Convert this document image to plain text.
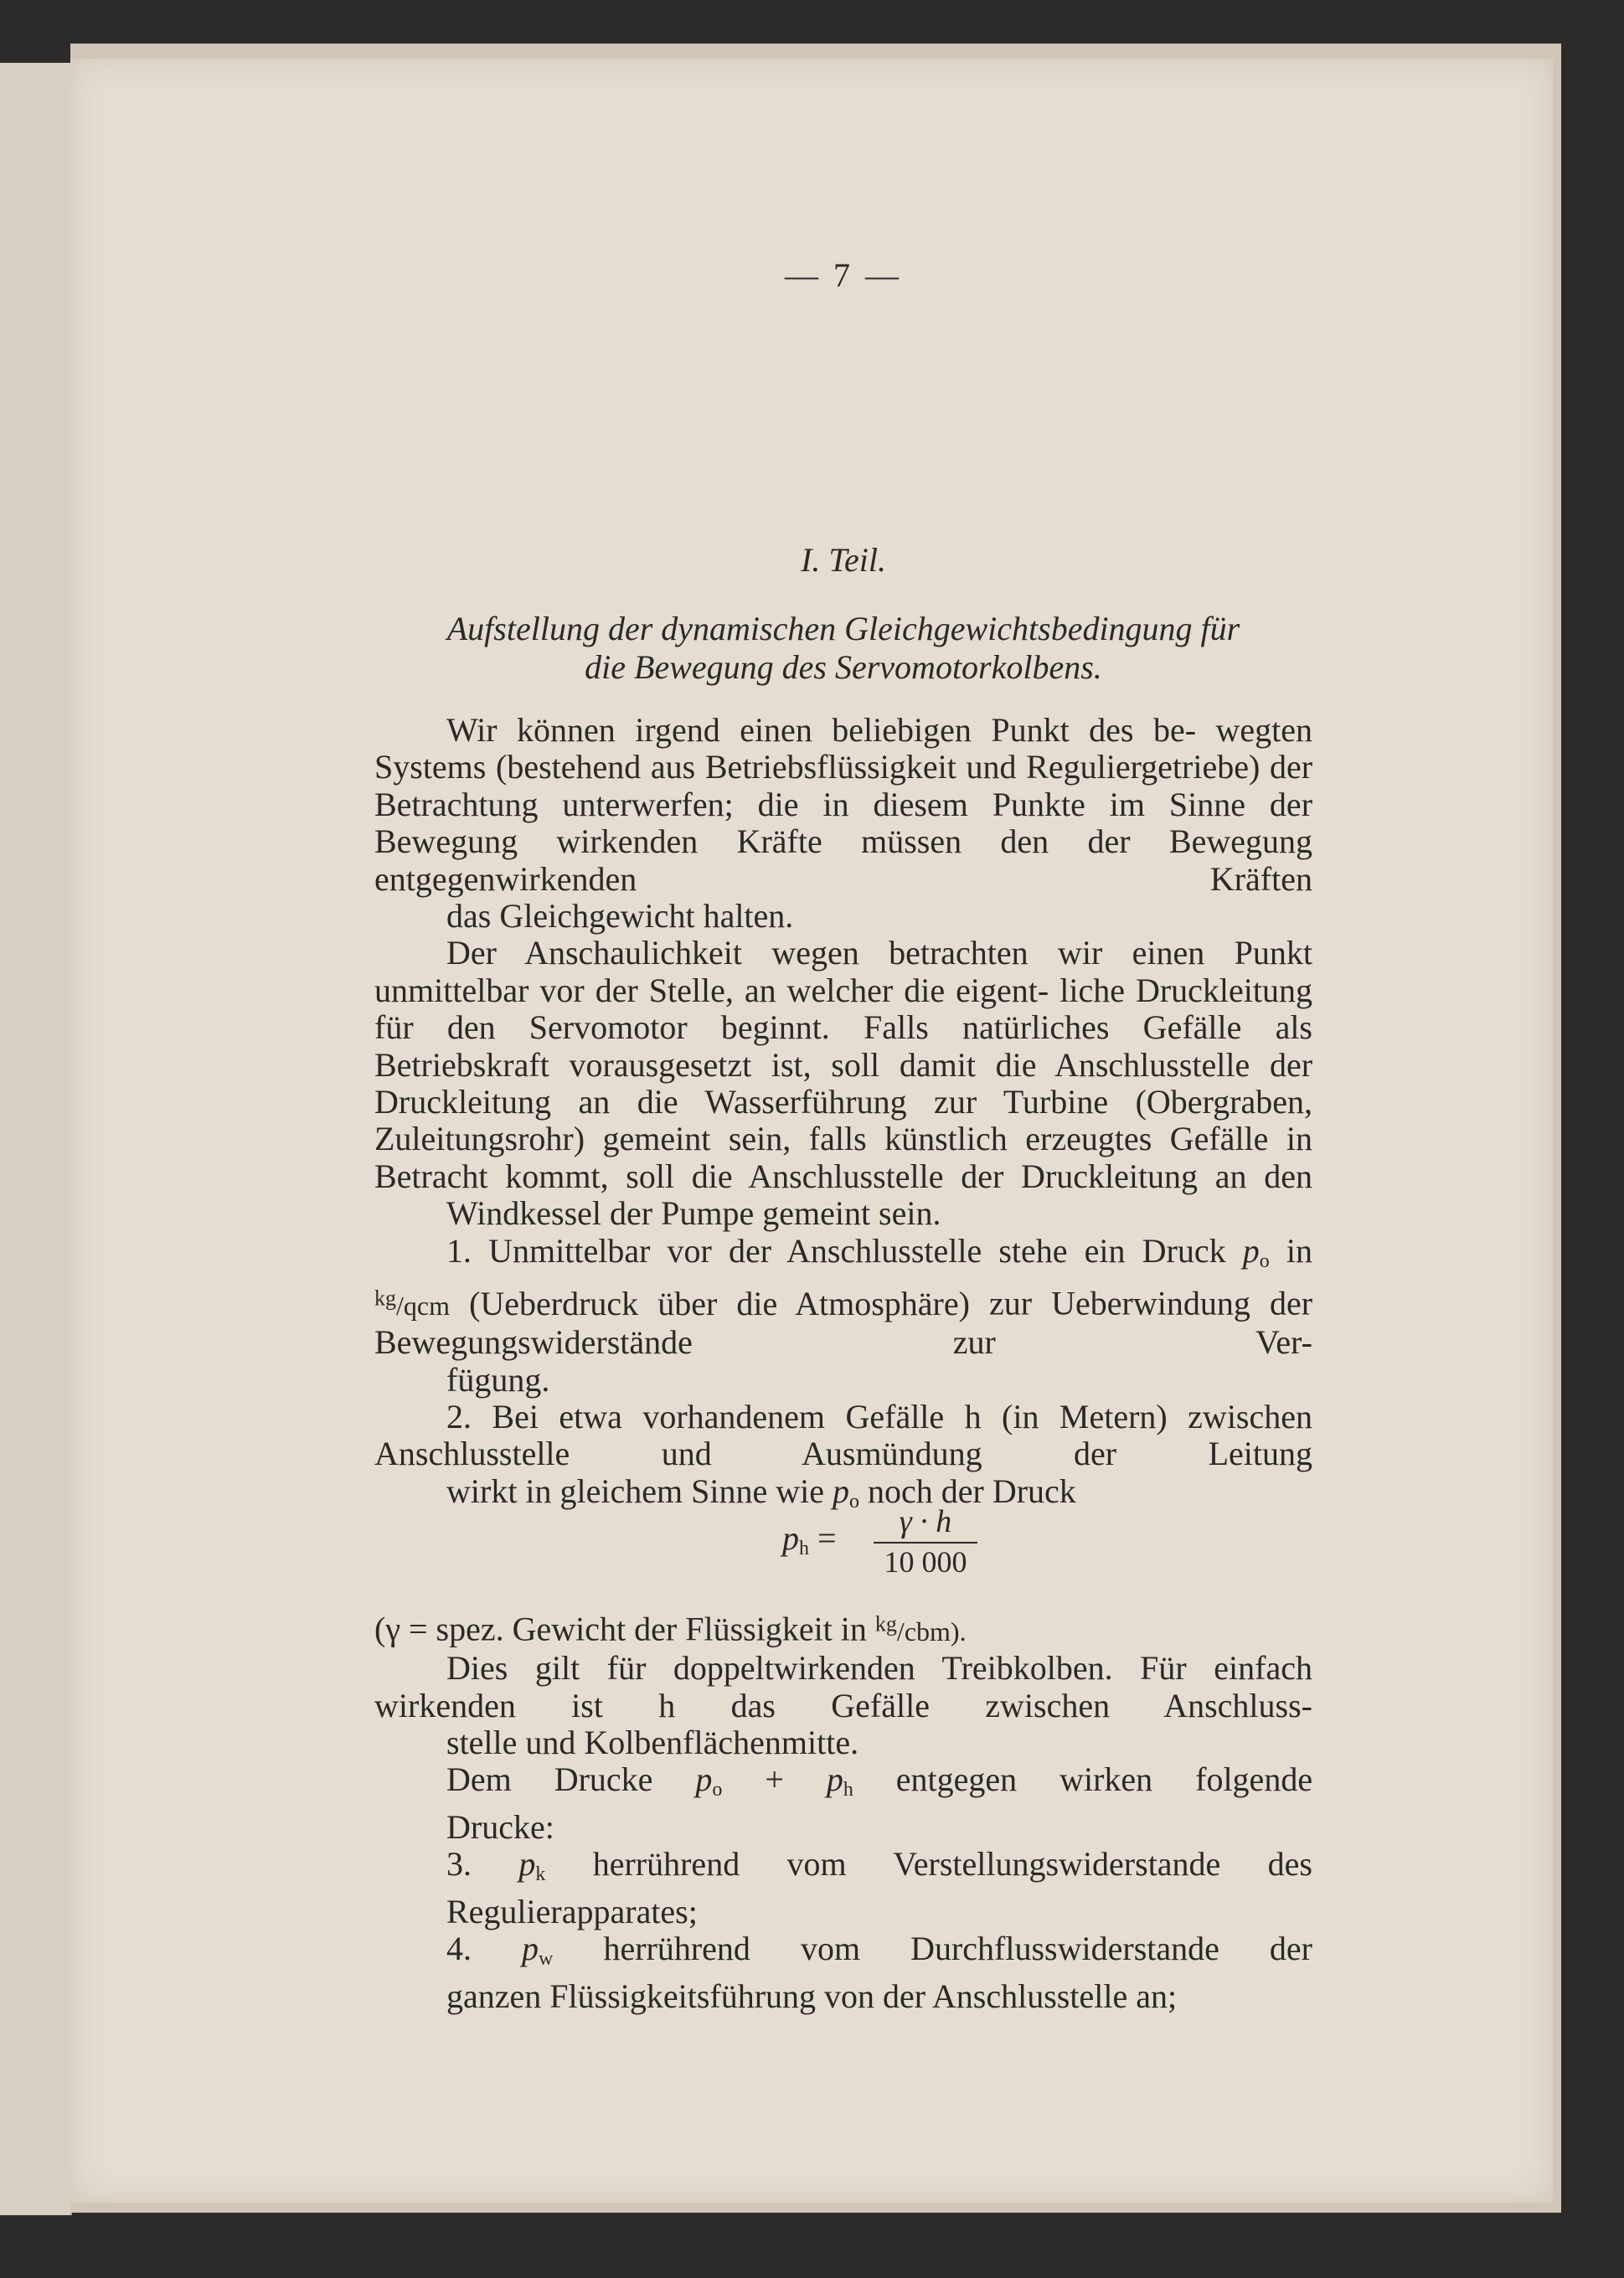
— 7 —
I. Teil.
Aufstellung der dynamischen Gleichgewichtsbedingung für
die Bewegung des Servomotorkolbens.
Wir können irgend einen beliebigen Punkt des be- wegten Systems (bestehend aus Betriebsflüssigkeit und Reguliergetriebe) der Betrachtung unterwerfen; die in diesem Punkte im Sinne der Bewegung wirkenden Kräfte müssen den der Bewegung entgegenwirkenden Kräften
das Gleichgewicht halten.
Der Anschaulichkeit wegen betrachten wir einen Punkt unmittelbar vor der Stelle, an welcher die eigent- liche Druckleitung für den Servomotor beginnt. Falls natürliches Gefälle als Betriebskraft vorausgesetzt ist, soll damit die Anschlusstelle der Druckleitung an die Wasserführung zur Turbine (Obergraben, Zuleitungsrohr) gemeint sein, falls künstlich erzeugtes Gefälle in Betracht kommt, soll die Anschlusstelle der Druckleitung an den
Windkessel der Pumpe gemeint sein.
1. Unmittelbar vor der Anschlusstelle stehe ein Druck $p_o$ in $^{kg}$/qcm (Ueberdruck über die Atmosphäre) zur Ueberwindung der Bewegungswiderstände zur Ver-
fügung.
2. Bei etwa vorhandenem Gefälle h (in Metern) zwischen Anschlusstelle und Ausmündung der Leitung
wirkt in gleichem Sinne wie $p_o$ noch der Druck
$p_h$ =	γ · h
10 000
(γ = spez. Gewicht der Flüssigkeit in $^{kg}$/cbm).
Dies gilt für doppeltwirkenden Treibkolben. Für einfach wirkenden ist h das Gefälle zwischen Anschluss-
stelle und Kolbenflächenmitte.
Dem Drucke $p_o + p_h$ entgegen wirken folgende
Drucke:
3. $p_k$ herrührend vom Verstellungswiderstande des
Regulierapparates;
4. $p_w$ herrührend vom Durchflusswiderstande der
ganzen Flüssigkeitsführung von der Anschlusstelle an;
